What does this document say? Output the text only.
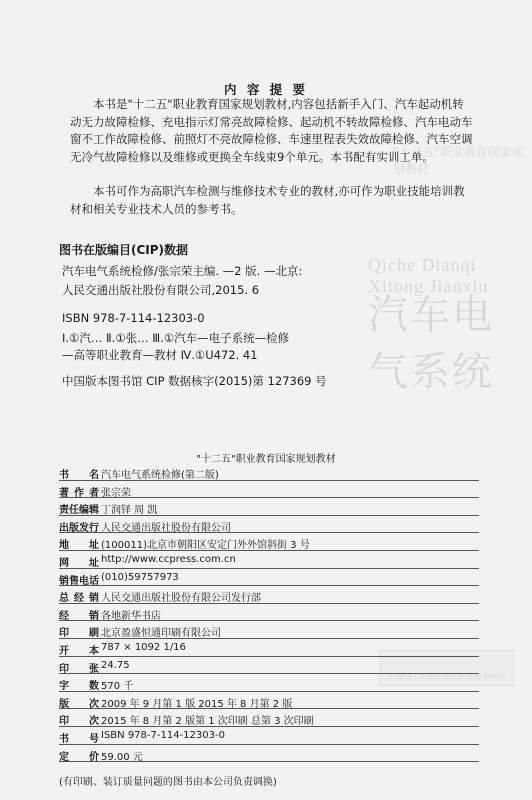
"十二五"职业教育国家规划教材
Qiche Dianqi Xitong Jianxiu
汽车电气系统
China Communications Press
内 容 提 要
本书是"十二五"职业教育国家规划教材,内容包括新手入门、汽车起动机转动无力故障检修、充电指示灯常亮故障检修、起动机不转故障检修、汽车电动车窗不工作故障检修、前照灯不亮故障检修、车速里程表失效故障检修、汽车空调无冷气故障检修以及维修或更换全车线束9个单元。本书配有实训工单。
本书可作为高职汽车检测与维修技术专业的教材,亦可作为职业技能培训教材和相关专业技术人员的参考书。
图书在版编目(CIP)数据
汽车电气系统检修/张宗荣主编. —2 版. —北京:
人民交通出版社股份有限公司,2015. 6
ISBN 978-7-114-12303-0
Ⅰ.①汽… Ⅱ.①张… Ⅲ.①汽车—电子系统—检修
—高等职业教育—教材 Ⅳ.①U472. 41
中国版本图书馆 CIP 数据核字(2015)第 127369 号
"十二五"职业教育国家规划教材
书 名 汽车电气系统检修(第二版)
著 作 者 张宗荣
责 任 编 辑 丁润铎 周 凯
出 版 发 行 人民交通出版社股份有限公司
地 址 (100011)北京市朝阳区安定门外外馆斜街 3 号
网 址 http://www.ccpress.com.cn
销 售 电 话 (010)59757973
总 经 销 人民交通出版社股份有限公司发行部
经 销 各地新华书店
印 刷 北京盈盛恒通印刷有限公司
开 本 787 × 1092 1/16
印 张 24.75
字 数 570 千
版 次 2009 年 9 月第 1 版 2015 年 8 月第 2 版
印 次 2015 年 8 月第 2 版第 1 次印刷 总第 3 次印刷
书 号 ISBN 978-7-114-12303-0
定 价 59.00 元
(有印刷、装订质量问题的图书由本公司负责调换)
